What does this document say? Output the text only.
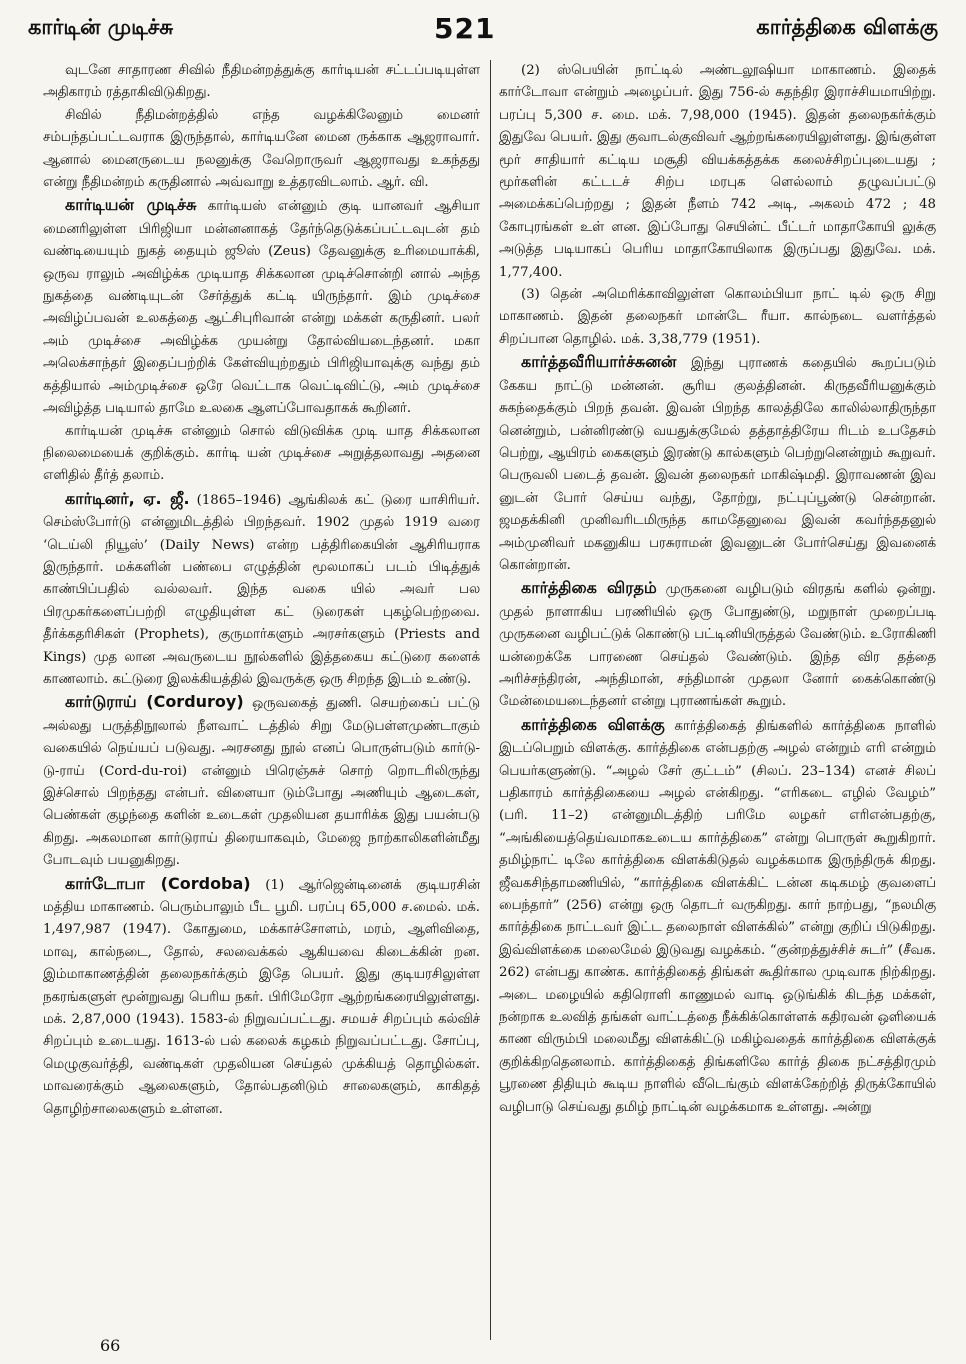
கார்டின் முடிச்சு	521	கார்த்திகை விளக்கு

வுடனே சாதாரண சிவில் நீதிமன்றத்துக்கு கார்டியன் சட்டப்படியுள்ள அதிகாரம் ரத்தாகிவிடுகிறது.

சிவில் நீதிமன்றத்தில் எந்த வழக்கிலேனும் மைனர் சம்பந்தப்பட்டவராக இருந்தால், கார்டியனே மைன ருக்காக ஆஜராவார். ஆனால் மைனருடைய நலனுக்கு வேறொருவர் ஆஜராவது உகந்தது என்று நீதிமன்றம் கருதினால் அவ்வாறு உத்தரவிடலாம். ஆர். வி.

கார்டியன் முடிச்சு கார்டியஸ் என்னும் குடி யானவர் ஆசியா மைனரிலுள்ள பிரிஜியா மன்னனாகத் தேர்ந்தெடுக்கப்பட்டவுடன் தம் வண்டியையும் நுகத் தையும் ஜூஸ் (Zeus) தேவனுக்கு உரிமையாக்கி, ஒருவ ராலும் அவிழ்க்க முடியாத சிக்கலான முடிச்சொன்றி னால் அந்த நுகத்தை வண்டியுடன் சேர்த்துக் கட்டி யிருந்தார். இம் முடிச்சை அவிழ்ப்பவன் உலகத்தை ஆட்சிபுரிவான் என்று மக்கள் கருதினர். பலர் அம் முடிச்சை அவிழ்க்க முயன்று தோல்வியடைந்தனர். மகா அலெக்சாந்தர் இதைப்பற்றிக் கேள்வியுற்றதும் பிரிஜியாவுக்கு வந்து தம் கத்தியால் அம்முடிச்சை ஒரே வெட்டாக வெட்டிவிட்டு, அம் முடிச்சை அவிழ்த்த படியால் தாமே உலகை ஆளப்போவதாகக் கூறினர்.

கார்டியன் முடிச்சு என்னும் சொல் விடுவிக்க முடி யாத சிக்கலான நிலைமையைக் குறிக்கும். கார்டி யன் முடிச்சை அறுத்தலாவது அதனை எளிதில் தீர்த் தலாம்.

கார்டினர், ஏ. ஜீ. (1865–1946) ஆங்கிலக் கட் டுரை யாசிரியர். செம்ஸ்போர்டு என்னுமிடத்தில் பிறந்தவர். 1902 முதல் 1919 வரை ‘டெய்லி நியூஸ்’ (Daily News) என்ற பத்திரிகையின் ஆசிரியராக இருந்தார். மக்களின் பண்பை எழுத்தின் மூலமாகப் படம் பிடித்துக் காண்பிப்பதில் வல்லவர். இந்த வகை யில் அவர் பல பிரமுகர்களைப்பற்றி எழுதியுள்ள கட் டுரைகள் புகழ்பெற்றவை. தீர்க்கதரிசிகள் (Prophets), குருமார்களும் அரசர்களும் (Priests and Kings) முத லான அவருடைய நூல்களில் இத்தகைய கட்டுரை களைக் காணலாம். கட்டுரை இலக்கியத்தில் இவருக்கு ஒரு சிறந்த இடம் உண்டு.

கார்டுராய் (Corduroy) ஒருவகைத் துணி. செயற்கைப் பட்டு அல்லது பருத்திநூலால் நீளவாட் டத்தில் சிறு மேடுபள்ளமுண்டாகும் வகையில் நெய்யப் படுவது. அரசனது நூல் எனப் பொருள்படும் கார்டு-டு-ராய் (Cord-du-roi) என்னும் பிரெஞ்சுச் சொற் றொடரிலிருந்து இச்சொல் பிறந்தது என்பர். விளையா டும்போது அணியும் ஆடைகள், பெண்கள் குழந்தை களின் உடைகள் முதலியன தயாரிக்க இது பயன்படு கிறது. அகலமான கார்டுராய் திரையாகவும், மேஜை நாற்காலிகளின்மீது போடவும் பயனுகிறது.

கார்டோபா (Cordoba) (1) ஆர்ஜென்டினைக் குடியரசின் மத்திய மாகாணம். பெரும்பாலும் பீட பூமி. பரப்பு 65,000 ச.மைல். மக். 1,497,987 (1947). கோதுமை, மக்காச்சோளம், மரம், ஆளிவிதை, மாவு, கால்நடை, தோல், சலவைக்கல் ஆகியவை கிடைக்கின் றன. இம்மாகாணத்தின் தலைநகர்க்கும் இதே பெயர். இது குடியரசிலுள்ள நகரங்களுள் மூன்றுவது பெரிய நகர். பிரிமேரோ ஆற்றங்கரையிலுள்ளது. மக். 2,87,000 (1943). 1583-ல் நிறுவப்பட்டது. சமயச் சிறப்பும் கல்விச் சிறப்பும் உடையது. 1613-ல் பல் கலைக் கழகம் நிறுவப்பட்டது. சோப்பு, மெழுகுவர்த்தி, வண்டிகள் முதலியன செய்தல் முக்கியத் தொழில்கள். மாவரைக்கும் ஆலைகளும், தோல்பதனிடும் சாலைகளும், காகிதத் தொழிற்சாலைகளும் உள்ளன.

(2) ஸ்பெயின் நாட்டில் அண்டலூஷியா மாகாணம். இதைக் கார்டோவா என்றும் அழைப்பர். இது 756-ல் சுதந்திர இராச்சியமாயிற்று. பரப்பு 5,300 ச. மை. மக். 7,98,000 (1945). இதன் தலைநகர்க்கும் இதுவே பெயர். இது குவாடல்குவிவர் ஆற்றங்கரையிலுள்ளது. இங்குள்ள மூர் சாதியார் கட்டிய மசூதி வியக்கத்தக்க கலைச்சிறப்புடையது ; மூர்களின் கட்டடச் சிற்ப மரபுக ளெல்லாம் தழுவப்பட்டு அமைக்கப்பெற்றது ; இதன் நீளம் 742 அடி, அகலம் 472 ; 48 கோபுரங்கள் உள் ளன. இப்போது செயின்ட் பீட்டர் மாதாகோயி லுக்கு அடுத்த படியாகப் பெரிய மாதாகோயிலாக இருப்பது இதுவே. மக். 1,77,400.

(3) தென் அமெரிக்காவிலுள்ள கொலம்பியா நாட் டில் ஒரு சிறு மாகாணம். இதன் தலைநகர் மான்டே ரீயா. கால்நடை வளர்த்தல் சிறப்பான தொழில். மக். 3,38,779 (1951).

கார்த்தவீரியார்ச்சுனன் இந்து புராணக் கதையில் கூறப்படும் கேகய நாட்டு மன்னன். சூரிய குலத்தினன். கிருதவீரியனுக்கும் சுகந்தைக்கும் பிறந் தவன். இவன் பிறந்த காலத்திலே காலில்லாதிருந்தா னென்றும், பன்னிரண்டு வயதுக்குமேல் தத்தாத்திரேய ரிடம் உபதேசம் பெற்று, ஆயிரம் கைகளும் இரண்டு கால்களும் பெற்றுனென்றும் கூறுவர். பெருவலி படைத் தவன். இவன் தலைநகர் மாகிஷ்மதி. இராவணன் இவ னுடன் போர் செய்ய வந்து, தோற்று, நட்புப்பூண்டு சென்றான். ஜமதக்கினி முனிவரிடமிருந்த காமதேனுவை இவன் கவர்ந்ததனுல் அம்முனிவர் மகனுகிய பரசுராமன் இவனுடன் போர்செய்து இவனைக் கொன்றான்.

கார்த்திகை விரதம் முருகனை வழிபடும் விரதங் களில் ஒன்று. முதல் நாளாகிய பரணியில் ஒரு போதுண்டு, மறுநாள் முறைப்படி முருகனை வழிபட்டுக் கொண்டு பட்டினியிருத்தல் வேண்டும். உரோகிணி யன்றைக்கே பாரணை செய்தல் வேண்டும். இந்த விர தத்தை அரிச்சந்திரன், அந்திமான், சந்திமான் முதலா னோர் கைக்கொண்டு மேன்மையடைந்தனர் என்று புராணங்கள் கூறும்.

கார்த்திகை விளக்கு கார்த்திகைத் திங்களில் கார்த்திகை நாளில் இடப்பெறும் விளக்கு. கார்த்திகை என்பதற்கு அழல் என்றும் எரி என்றும் பெயர்களுண்டு. “அழல் சேர் குட்டம்” (சிலப். 23–134) எனச் சிலப் பதிகாரம் கார்த்திகையை அழல் என்கிறது. “எரிகடை எழில் வேழம்” (பரி. 11–2) என்னுமிடத்திற் பரிமே லழகர் எரிஎன்பதற்கு, “அங்கியைத்தெய்வமாகஉடைய கார்த்திகை” என்று பொருள் கூறுகிறார். தமிழ்நாட் டிலே கார்த்திகை விளக்கிடுதல் வழக்கமாக இருந்திருக் கிறது. ஜீவகசிந்தாமணியில், “கார்த்திகை விளக்கிட் டன்ன கடிகமழ் குவளைப் பைந்தார்” (256) என்று ஒரு தொடர் வருகிறது. கார் நாற்பது, “நலமிகு கார்த்திகை நாட்டவர் இட்ட தலைநாள் விளக்கில்” என்று குறிப் பிடுகிறது. இவ்விளக்கை மலைமேல் இடுவது வழக்கம். “குன்றத்துச்சிச் சுடர்” (சீவக. 262) என்பது காண்க. கார்த்திகைத் திங்கள் கூதிர்கால முடிவாக நிற்கிறது. அடை மழையில் கதிரொளி காணுமல் வாடி ஒடுங்கிக் கிடந்த மக்கள், நன்றாக உலவித் தங்கள் வாட்டத்தை நீக்கிக்கொள்ளக் கதிரவன் ஒளியைக் காண விரும்பி மலைமீது விளக்கிட்டு மகிழ்வதைக் கார்த்திகை விளக்குக் குறிக்கிறதெனலாம். கார்த்திகைத் திங்களிலே கார்த் திகை நட்சத்திரமும் பூரணை திதியும் கூடிய நாளில் வீடெங்கும் விளக்கேற்றித் திருக்கோயில் வழிபாடு செய்வது தமிழ் நாட்டின் வழக்கமாக உள்ளது. அன்று

66
